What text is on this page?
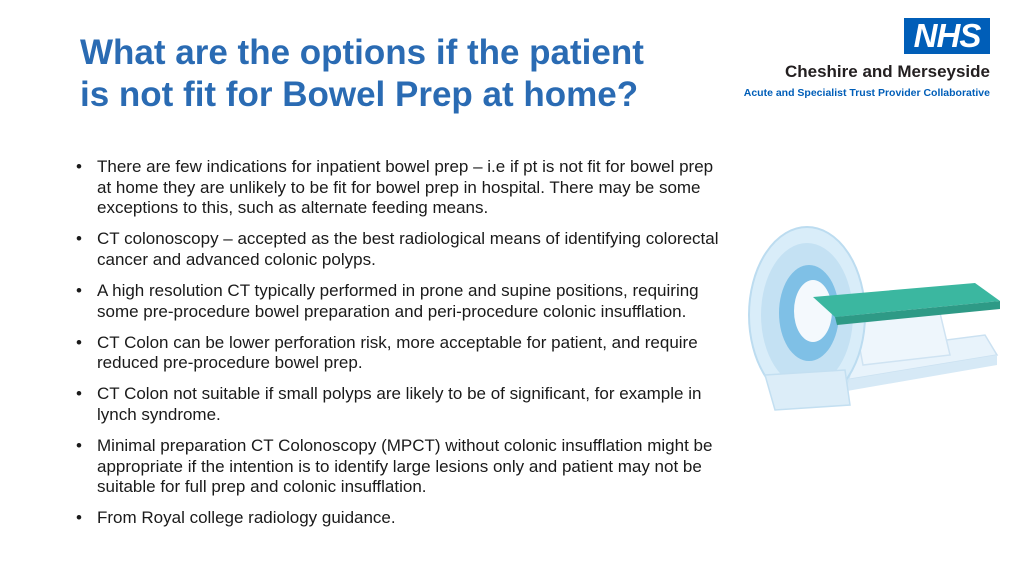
What are the options if the patient
is not fit for Bowel Prep at home?
NHS
Cheshire and Merseyside
Acute and Specialist Trust Provider Collaborative
• There are few indications for inpatient bowel prep – i.e if pt is not fit for bowel prep at home they are unlikely to be fit for bowel prep in hospital. There may be some exceptions to this, such as alternate feeding means.
• CT colonoscopy – accepted as the best radiological means of identifying colorectal cancer and advanced colonic polyps.
• A high resolution CT typically performed in prone and supine positions, requiring some pre-procedure bowel preparation and peri-procedure colonic insufflation.
• CT Colon can be lower perforation risk, more acceptable for patient, and require reduced pre-procedure bowel prep.
• CT Colon not suitable if small polyps are likely to be of significant, for example in lynch syndrome.
• Minimal preparation CT Colonoscopy (MPCT) without colonic insufflation might be appropriate if the intention is to identify large lesions only and patient may not be suitable for full prep and colonic insufflation.
• From Royal college radiology guidance.
